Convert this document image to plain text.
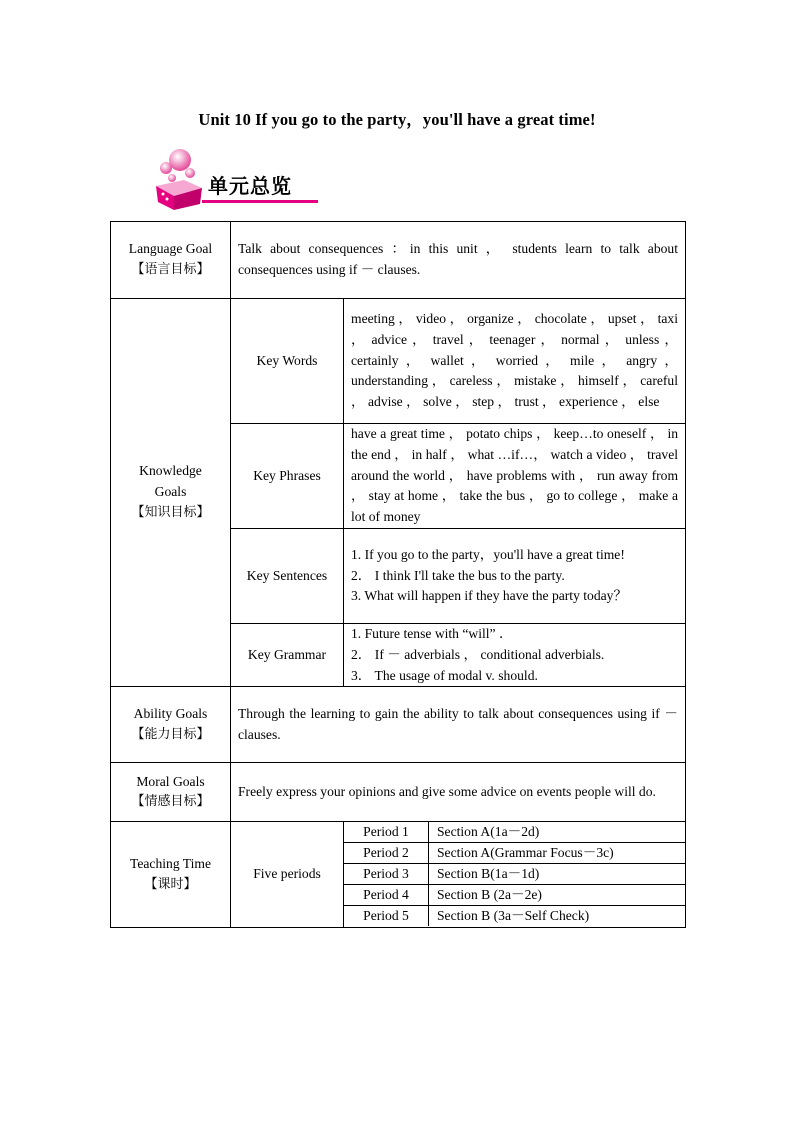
Unit 10 If you go to the party，you'll have a great time!
单元总览
Language Goal
【语言目标】
	Talk about consequences ：in this unit ， students learn to talk about consequences using if － clauses.

Knowledge Goals
【知识目标】
	Key Words	meeting ， video ， organize ， chocolate ， upset ， taxi ， advice ， travel ， teenager ， normal ， unless ， certainly ， wallet ， worried ， mile ， angry ， understanding ， careless ， mistake ， himself ， careful ， advise ， solve ， step ， trust ， experience ， else
Key Phrases	have a great time ， potato chips ， keep…to oneself ， in the end ， in half ， what …if…， watch a video ， travel around the world ， have problems with ， run away from ， stay at home ， take the bus ， go to college ， make a lot of money
Key Sentences	
1. If you go to the party，you'll have a great time!
2． I think I'll take the bus to the party.
3. What will happen if they have the party today？

Key Grammar	
1. Future tense with “will” ．
2． If － adverbials ， conditional adverbials.
3． The usage of modal v. should.

Ability Goals
【能力目标】
	Through the learning to gain the ability to talk about consequences using if － clauses.

Moral Goals
【情感目标】
	Freely express your opinions and give some advice on events people will do.

Teaching Time
【课时】
	Five periods	
Period 1	Section A(1a－2d)
Period 2	Section A(Grammar Focus－3c)
Period 3	Section B(1a－1d)
Period 4	Section B (2a－2e)
Period 5	Section B (3a－Self Check)
